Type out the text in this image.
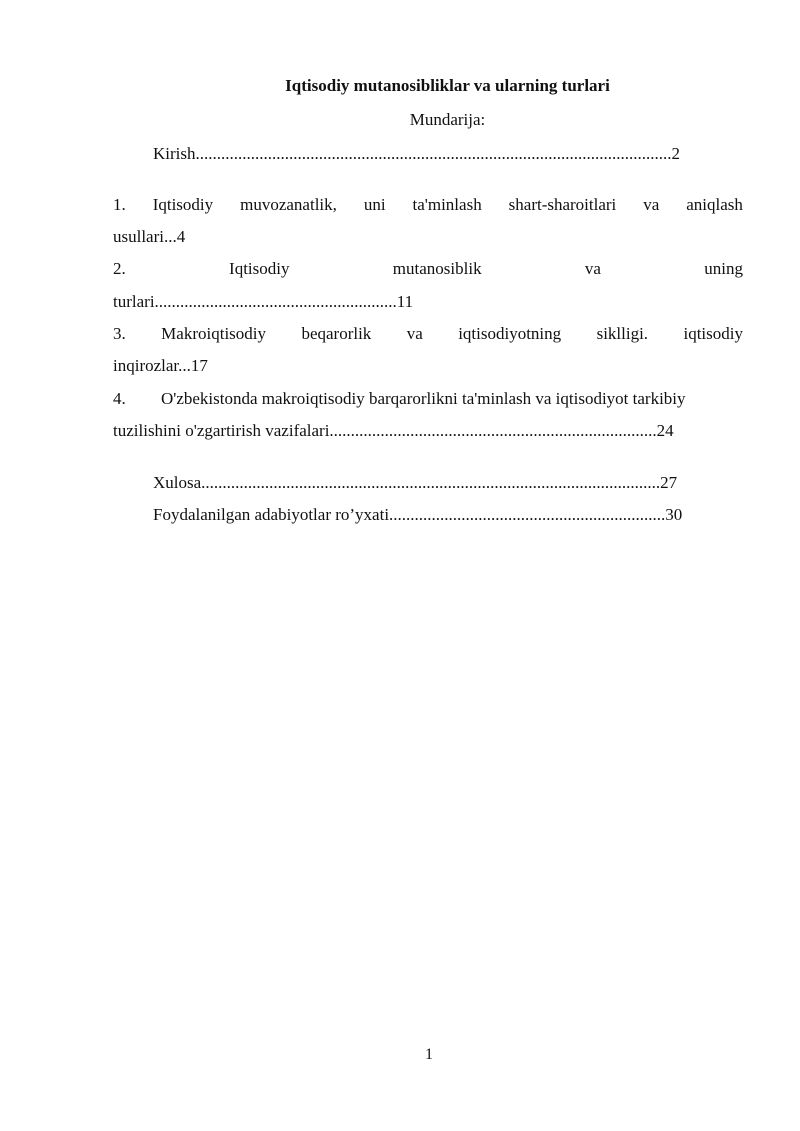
Iqtisodiy mutanosibliklar va ularning turlari
Mundarija:
Kirish................................................................................................................2
1. Iqtisodiy muvozanatlik, uni ta'minlash shart-sharoitlari va aniqlash
usullari...4
2.	Iqtisodiy	mutanosiblik	va	uning
turlari.........................................................11
3. Makroiqtisodiy beqarorlik va iqtisodiyotning siklligi. iqtisodiy
inqirozlar...17
4. O'zbekistonda makroiqtisodiy barqarorlikni ta'minlash va iqtisodiyot tarkibiy
tuzilishini o'zgartirish vazifalari.............................................................................24
Xulosa............................................................................................................27
Foydalanilgan adabiyotlar ro’yxati.................................................................30
1
